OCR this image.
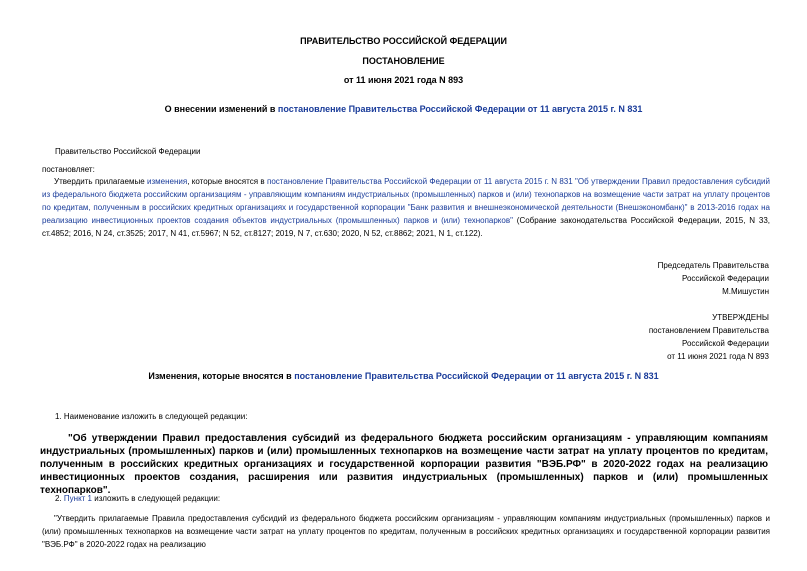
ПРАВИТЕЛЬСТВО РОССИЙСКОЙ ФЕДЕРАЦИИ
ПОСТАНОВЛЕНИЕ
от 11 июня 2021 года N 893
О внесении изменений в постановление Правительства Российской Федерации от 11 августа 2015 г. N 831
Правительство Российской Федерации
постановляет:
Утвердить прилагаемые изменения, которые вносятся в постановление Правительства Российской Федерации от 11 августа 2015 г. N 831 "Об утверждении Правил предоставления субсидий из федерального бюджета российским организациям - управляющим компаниям индустриальных (промышленных) парков и (или) технопарков на возмещение части затрат на уплату процентов по кредитам, полученным в российских кредитных организациях и государственной корпорации "Банк развития и внешнеэкономической деятельности (Внешэкономбанк)" в 2013-2016 годах на реализацию инвестиционных проектов создания объектов индустриальных (промышленных) парков и (или) технопарков" (Собрание законодательства Российской Федерации, 2015, N 33, ст.4852; 2016, N 24, ст.3525; 2017, N 41, ст.5967; N 52, ст.8127; 2019, N 7, ст.630; 2020, N 52, ст.8862; 2021, N 1, ст.122).
Председатель Правительства
Российской Федерации
М.Мишустин
УТВЕРЖДЕНЫ
постановлением Правительства
Российской Федерации
от 11 июня 2021 года N 893
Изменения, которые вносятся в постановление Правительства Российской Федерации от 11 августа 2015 г. N 831
1. Наименование изложить в следующей редакции:
"Об утверждении Правил предоставления субсидий из федерального бюджета российским организациям - управляющим компаниям индустриальных (промышленных) парков и (или) промышленных технопарков на возмещение части затрат на уплату процентов по кредитам, полученным в российских кредитных организациях и государственной корпорации развития "ВЭБ.РФ" в 2020-2022 годах на реализацию инвестиционных проектов создания, расширения или развития индустриальных (промышленных) парков и (или) промышленных технопарков".
2. Пункт 1 изложить в следующей редакции:
"Утвердить прилагаемые Правила предоставления субсидий из федерального бюджета российским организациям - управляющим компаниям индустриальных (промышленных) парков и (или) промышленных технопарков на возмещение части затрат на уплату процентов по кредитам, полученным в российских кредитных организациях и государственной корпорации развития "ВЭБ.РФ" в 2020-2022 годах на реализацию
